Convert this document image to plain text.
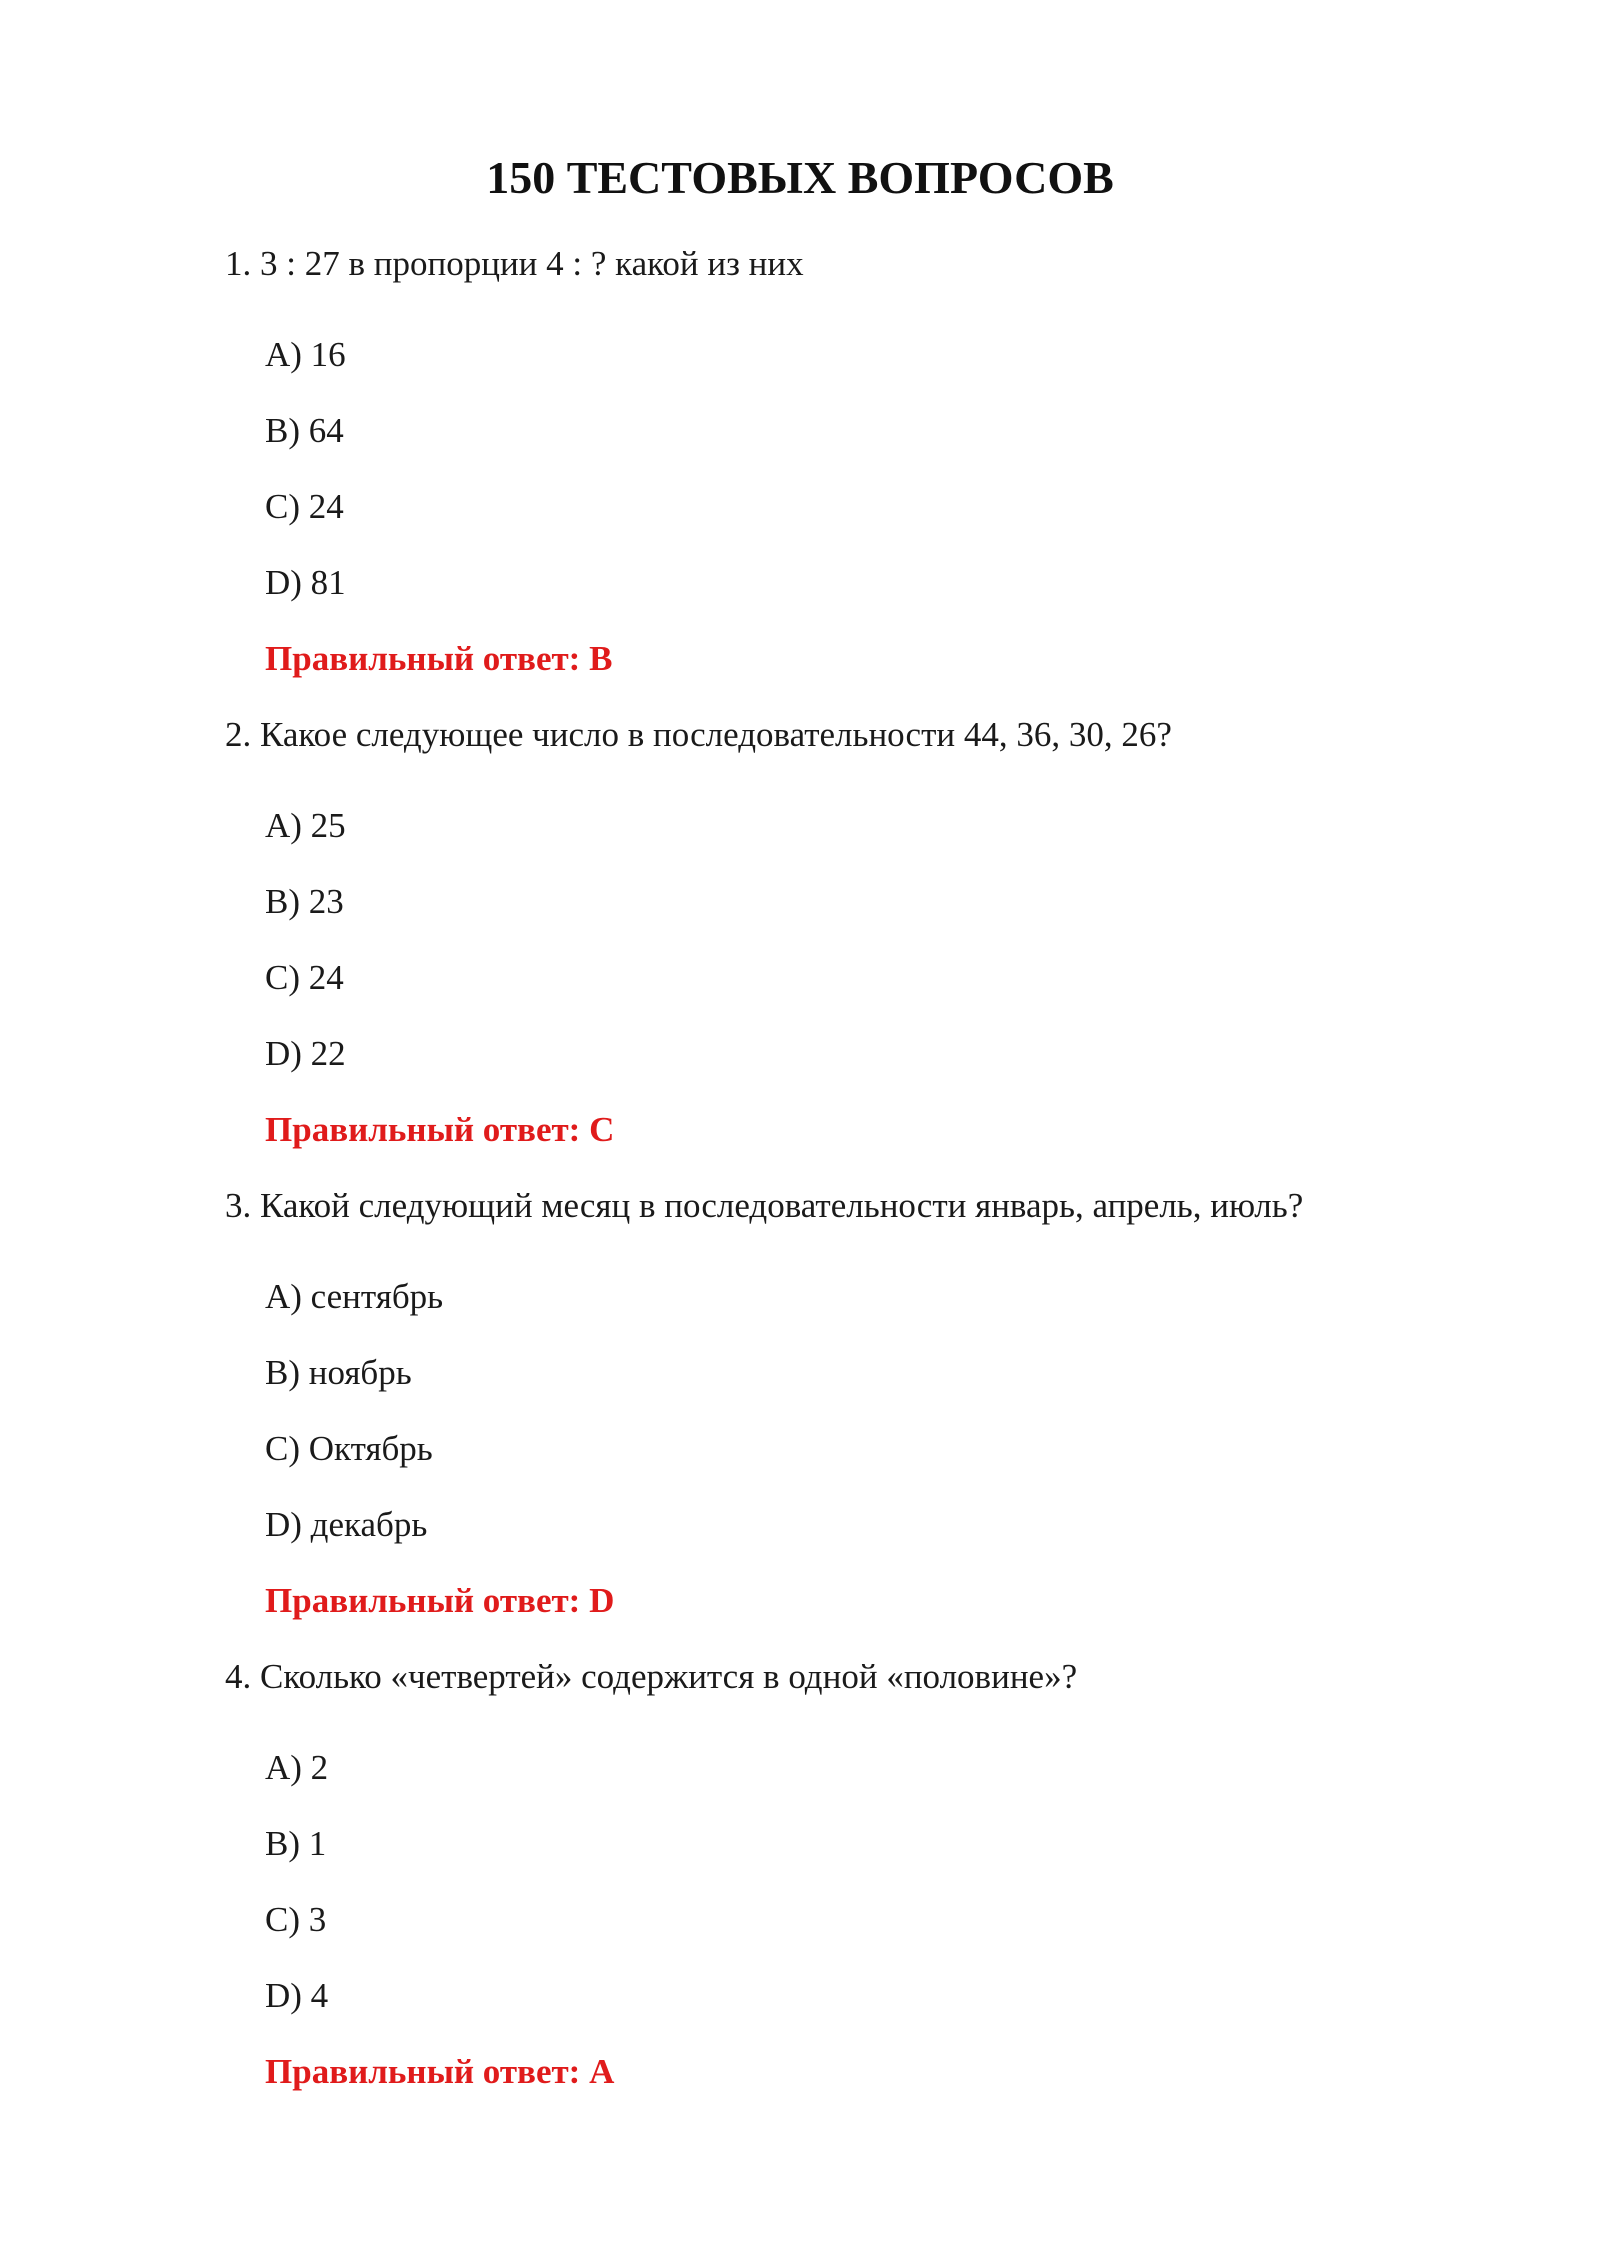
150 ТЕСТОВЫХ ВОПРОСОВ
1. 3 : 27 в пропорции 4 : ? какой из них
A) 16
B) 64
C) 24
D) 81
Правильный ответ: B
2. Какое следующее число в последовательности 44, 36, 30, 26?
A) 25
B) 23
C) 24
D) 22
Правильный ответ: C
3. Какой следующий месяц в последовательности январь, апрель, июль?
A) сентябрь
B) ноябрь
C) Октябрь
D) декабрь
Правильный ответ: D
4. Сколько «четвертей» содержится в одной «половине»?
A) 2
B) 1
C) 3
D) 4
Правильный ответ: A
